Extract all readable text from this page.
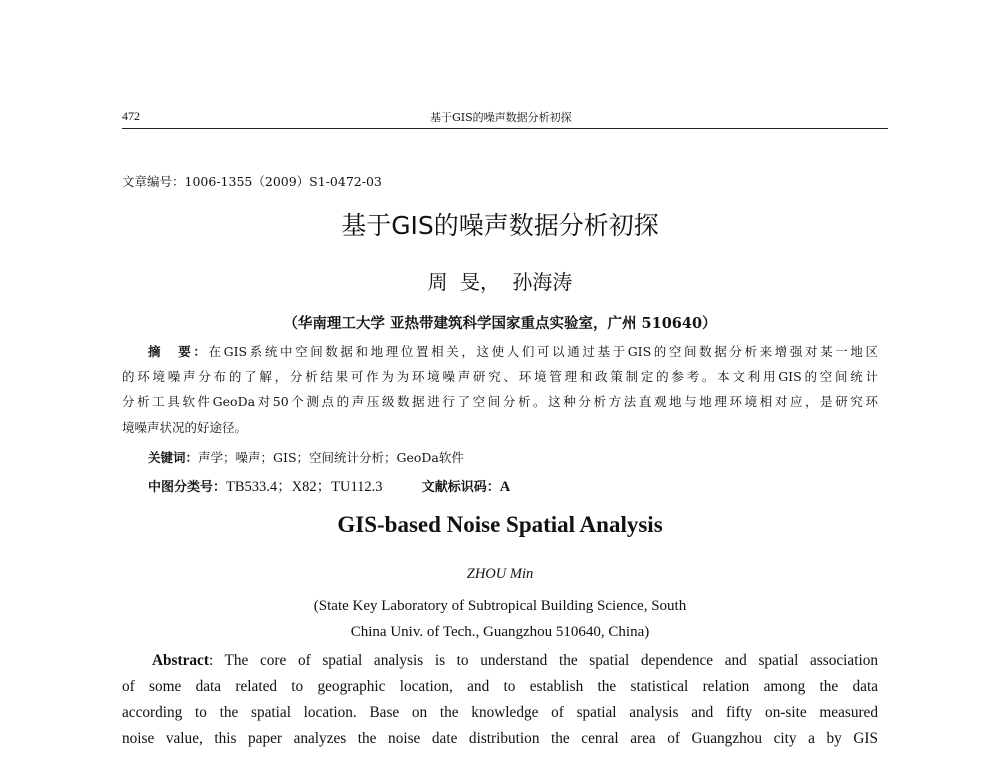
472	基于GIS的噪声数据分析初探
文章编号：1006-1355（2009）S1-0472-03
基于GIS的噪声数据分析初探
周 旻， 孙海涛
（华南理工大学 亚热带建筑科学国家重点实验室，广州 510640）
摘　要：在GIS系统中空间数据和地理位置相关，这使人们可以通过基于GIS的空间数据分析来增强对某一地区
的环境噪声分布的了解，分析结果可作为为环境噪声研究、环境管理和政策制定的参考。本文利用GIS的空间统计
分析工具软件GeoDa对50个测点的声压级数据进行了空间分析。这种分析方法直观地与地理环境相对应，是研究环
境噪声状况的好途径。
关键词：声学；噪声；GIS；空间统计分析；GeoDa软件
中图分类号：TB533.4；X82；TU112.3	文献标识码：A
GIS-based Noise Spatial Analysis
ZHOU Min
(State Key Laboratory of Subtropical Building Science, South
China Univ. of Tech., Guangzhou 510640, China)
Abstract: The core of spatial analysis is to understand the spatial dependence and spatial association
of some data related to geographic location, and to establish the statistical relation among the data
according to the spatial location. Base on the knowledge of spatial analysis and fifty on-site measured
noise value, this paper analyzes the noise date distribution the cenral area of Guangzhou city a by GIS
